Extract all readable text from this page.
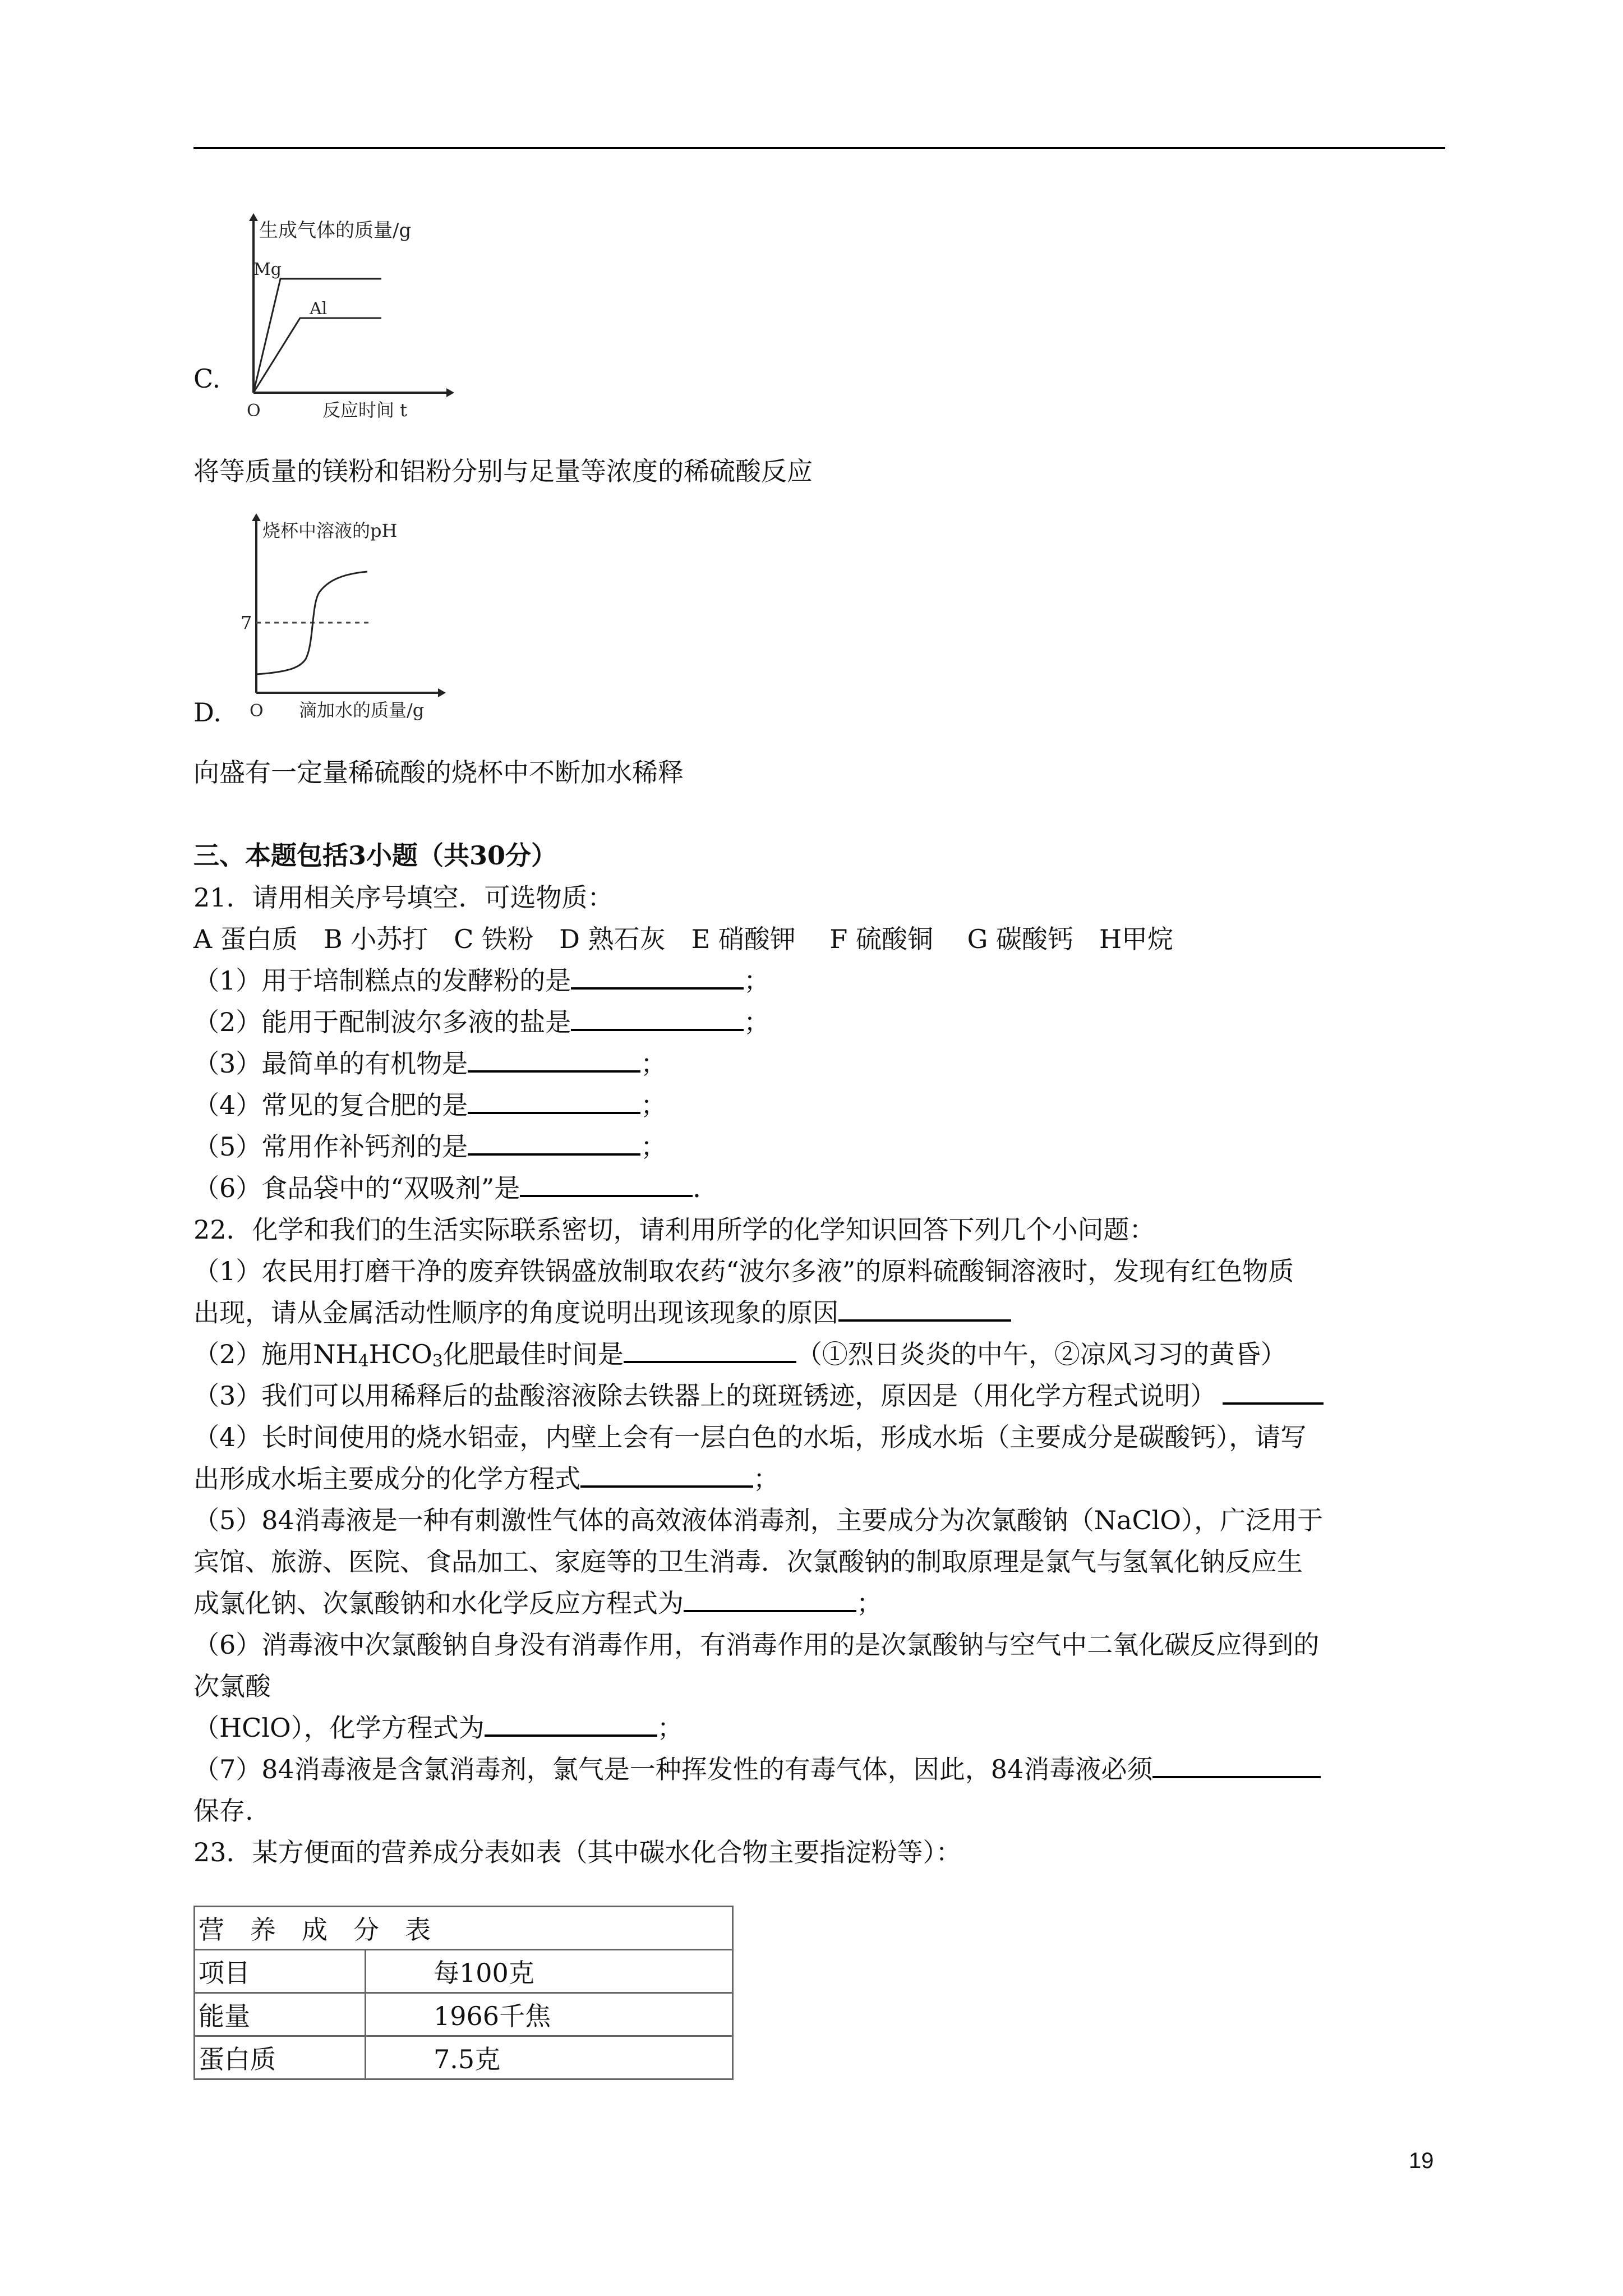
C.
生成气体的质量/g
Mg
Al
O	反应时间 t
将等质量的镁粉和铝粉分别与足量等浓度的稀硫酸反应
D.
烧杯中溶液的pH
7
O 滴加水的质量/g
向盛有一定量稀硫酸的烧杯中不断加水稀释
三、本题包括3小题（共30分）
21．请用相关序号填空．可选物质：
A 蛋白质　B 小苏打　C 铁粉　D 熟石灰　E 硝酸钾　 F 硫酸铜　 G 碳酸钙　H甲烷
（1）用于培制糕点的发酵粉的是	；
（2）能用于配制波尔多液的盐是	；
（3）最简单的有机物是	；
（4）常见的复合肥的是	；
（5）常用作补钙剂的是	；
（6）食品袋中的“双吸剂”是	．
22．化学和我们的生活实际联系密切，请利用所学的化学知识回答下列几个小问题：
（1）农民用打磨干净的废弃铁锅盛放制取农药“波尔多液”的原料硫酸铜溶液时，发现有红色物质
出现，请从金属活动性顺序的角度说明出现该现象的原因
（2）施用$NH_4HCO_3$化肥最佳时间是	（①烈日炎炎的中午，②凉风习习的黄昏）
（3）我们可以用稀释后的盐酸溶液除去铁器上的斑斑锈迹，原因是（用化学方程式说明）
（4）长时间使用的烧水铝壶，内壁上会有一层白色的水垢，形成水垢（主要成分是碳酸钙），请写
出形成水垢主要成分的化学方程式	；
（5）84消毒液是一种有刺激性气体的高效液体消毒剂，主要成分为次氯酸钠（NaClO），广泛用于
宾馆、旅游、医院、食品加工、家庭等的卫生消毒．次氯酸钠的制取原理是氯气与氢氧化钠反应生
成氯化钠、次氯酸钠和水化学反应方程式为	；
（6）消毒液中次氯酸钠自身没有消毒作用，有消毒作用的是次氯酸钠与空气中二氧化碳反应得到的
次氯酸
（HClO），化学方程式为	；
（7）84消毒液是含氯消毒剂，氯气是一种挥发性的有毒气体，因此，84消毒液必须
保存.
23．某方便面的营养成分表如表（其中碳水化合物主要指淀粉等）：
营　养　成　分　表	
项目	每100克
能量	1966千焦
蛋白质	7.5克
19
